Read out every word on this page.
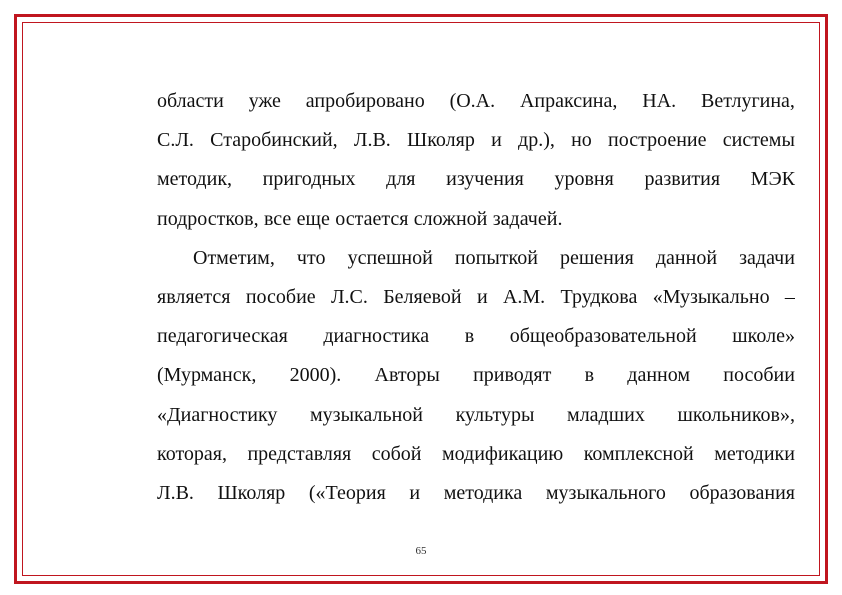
области уже апробировано (О.А. Апраксина, НА. Ветлугина,
С.Л. Старобинский, Л.В. Школяр и др.), но построение системы
методик, пригодных для изучения уровня развития МЭК
подростков, все еще остается сложной задачей.
Отметим, что успешной попыткой решения данной задачи
является пособие Л.С. Беляевой и А.М. Трудкова «Музыкально –
педагогическая диагностика в общеобразовательной школе»
(Мурманск, 2000). Авторы приводят в данном пособии
«Диагностику музыкальной культуры младших школьников»,
которая, представляя собой модификацию комплексной методики
Л.В. Школяр («Теория и методика музыкального образования
65
